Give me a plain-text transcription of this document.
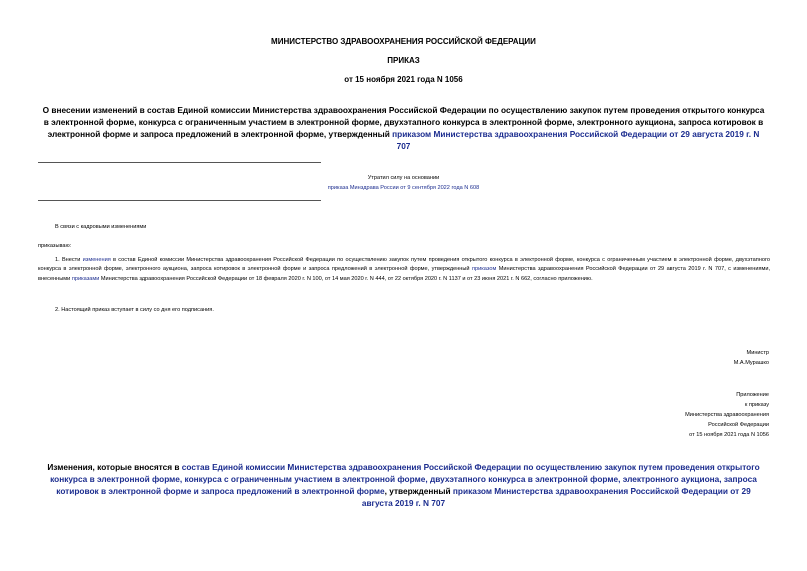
МИНИСТЕРСТВО ЗДРАВООХРАНЕНИЯ РОССИЙСКОЙ ФЕДЕРАЦИИ
ПРИКАЗ
от 15 ноября 2021 года N 1056
О внесении изменений в состав Единой комиссии Министерства здравоохранения Российской Федерации по осуществлению закупок путем проведения открытого конкурса в электронной форме, конкурса с ограниченным участием в электронной форме, двухэтапного конкурса в электронной форме, электронного аукциона, запроса котировок в электронной форме и запроса предложений в электронной форме, утвержденный приказом Министерства здравоохранения Российской Федерации от 29 августа 2019 г. N 707
Утратил силу на основании
приказа Минздрава России от 9 сентября 2022 года N 608
В связи с кадровыми изменениями
приказываю:
1. Внести изменения в состав Единой комиссии Министерства здравоохранения Российской Федерации по осуществлению закупок путем проведения открытого конкурса в электронной форме, конкурса с ограниченным участием в электронной форме, двухэтапного конкурса в электронной форме, электронного аукциона, запроса котировок в электронной форме и запроса предложений в электронной форме, утвержденный приказом Министерства здравоохранения Российской Федерации от 29 августа 2019 г. N 707, с изменениями, внесенными приказами Министерства здравоохранения Российской Федерации от 18 февраля 2020 г. N 100, от 14 мая 2020 г. N 444, от 22 октября 2020 г. N 1137 и от 23 июня 2021 г. N 662, согласно приложению.
2. Настоящий приказ вступает в силу со дня его подписания.
Министр
М.А.Мурашко
Приложение
к приказу
Министерства здравоохранения
Российской Федерации
от 15 ноября 2021 года N 1056
Изменения, которые вносятся в состав Единой комиссии Министерства здравоохранения Российской Федерации по осуществлению закупок путем проведения открытого конкурса в электронной форме, конкурса с ограниченным участием в электронной форме, двухэтапного конкурса в электронной форме, электронного аукциона, запроса котировок в электронной форме и запроса предложений в электронной форме, утвержденный приказом Министерства здравоохранения Российской Федерации от 29 августа 2019 г. N 707
